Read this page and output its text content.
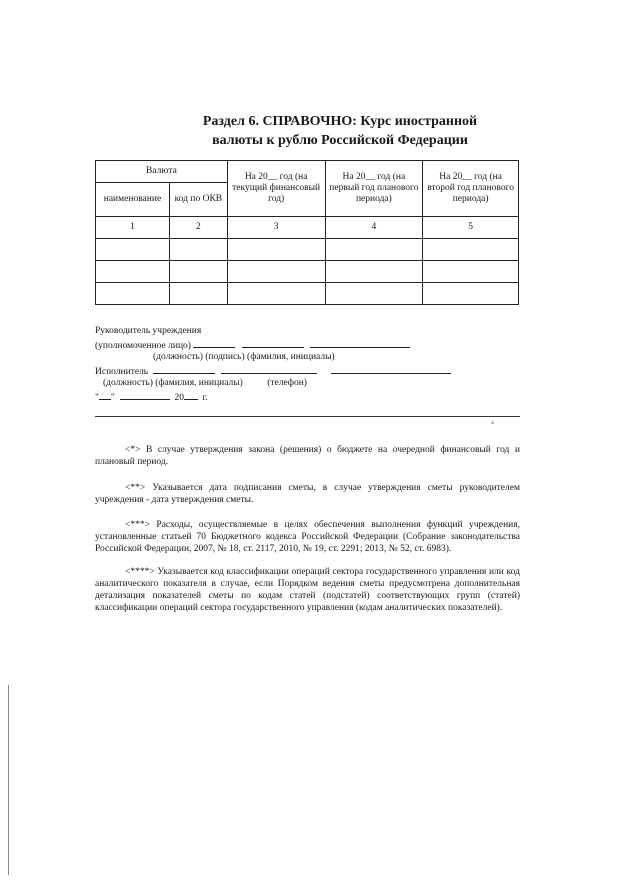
Раздел 6. СПРАВОЧНО: Курс иностранной
валюты к рублю Российской Федерации
Валюта		На 20__ год (на текущий финансовый год)	На 20__ год (на первый год планового периода)	На 20__ год (на второй год планового периода)
наименование	код по ОКВ			
1	2	3	4	5

Руководитель учреждения
(уполномоченное лицо)
(должность) (подпись) (фамилия, инициалы)
Исполнитель
(должность) (фамилия, инициалы)	(телефон)
" "	20 г.
°
<*> В случае утверждения закона (решения) о бюджете на очередной финансовый год и плановый период.
<**> Указывается дата подписания сметы, в случае утверждения сметы руководителем учреждения - дата утверждения сметы.
<***> Расходы, осуществляемые в целях обеспечения выполнения функций учреждения, установленные статьей 70 Бюджетного кодекса Российской Федерации (Собрание законодательства Российской Федерации, 2007, № 18, ст. 2117, 2010, № 19, ст. 2291; 2013, № 52, ст. 6983).
<****> Указывается код классификации операций сектора государственного управления или код аналитического показателя в случае, если Порядком ведения сметы предусмотрена дополнительная детализация показателей сметы по кодам статей (подстатей) соответствующих групп (статей) классификации операций сектора государственного управления (кодам аналитических показателей).
